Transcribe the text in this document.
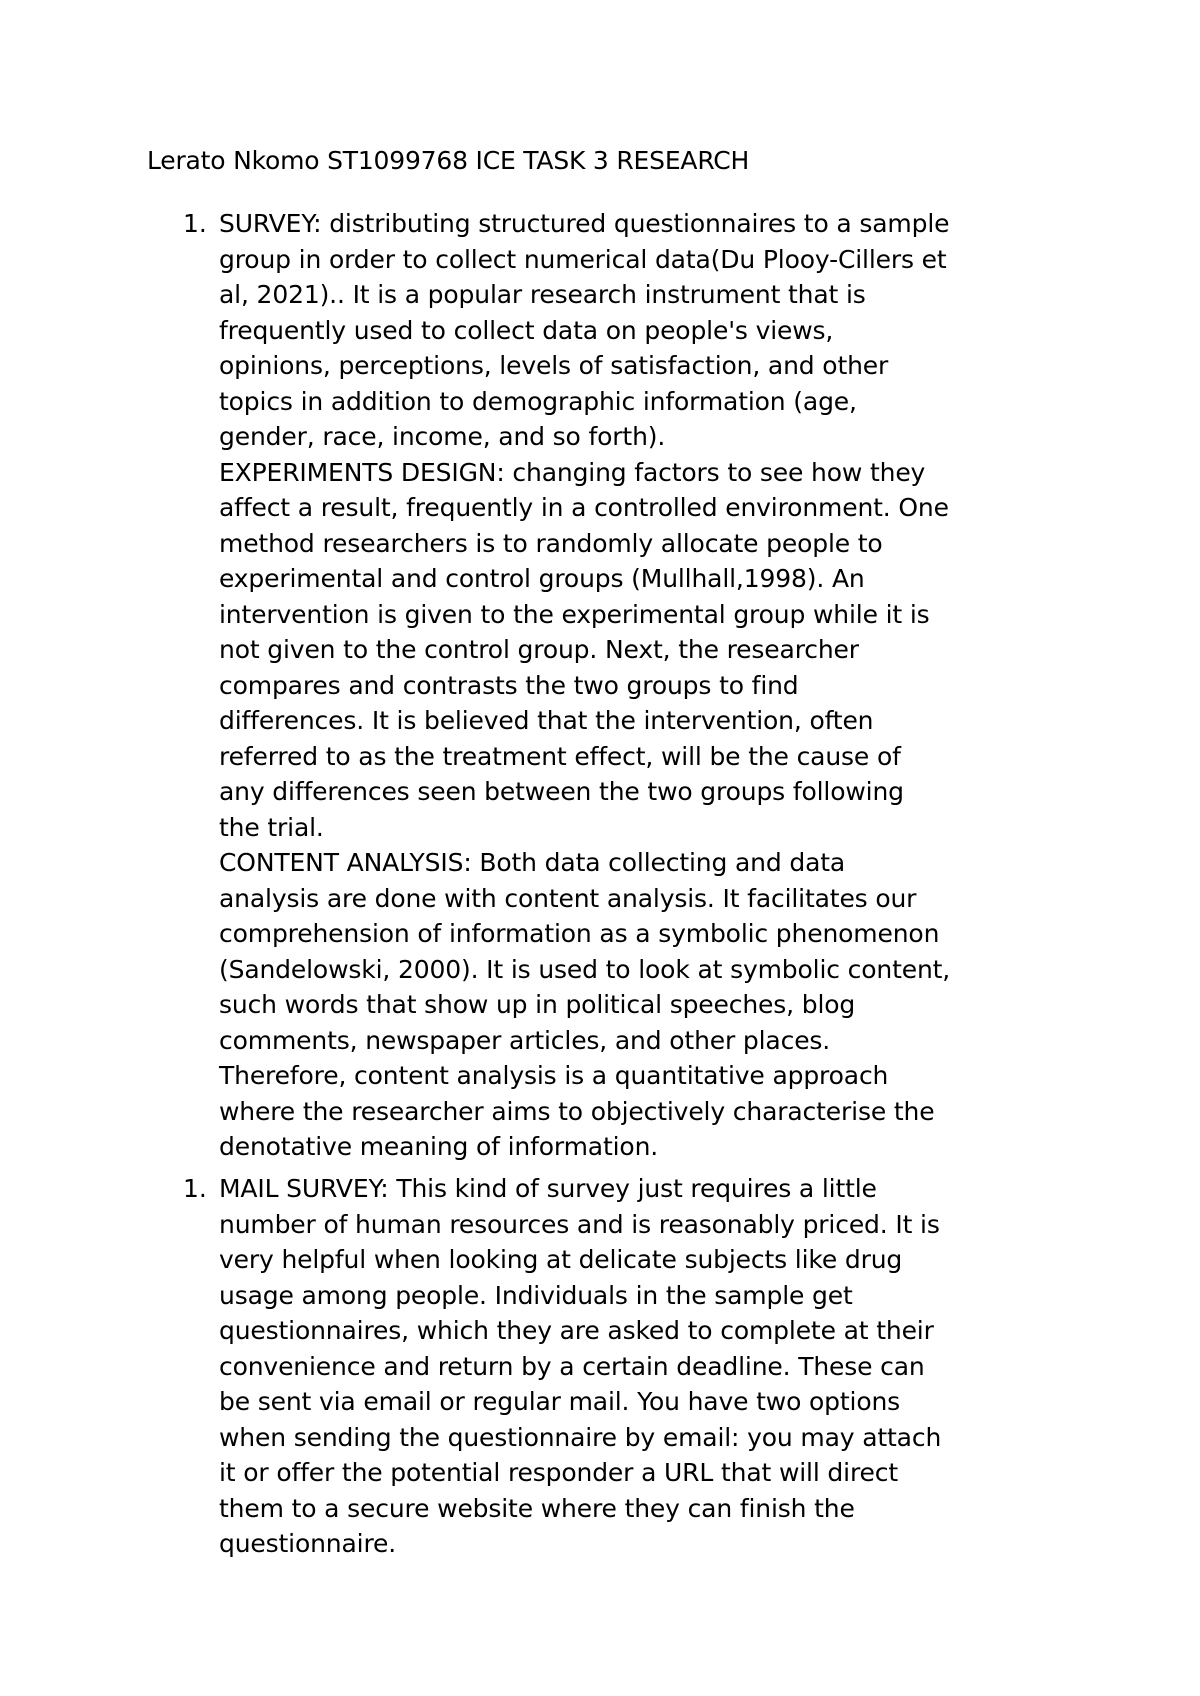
Lerato Nkomo ST1099768 ICE TASK 3 RESEARCH
1. SURVEY: distributing structured questionnaires to a sample
group in order to collect numerical data(Du Plooy-Cillers et
al, 2021).. It is a popular research instrument that is
frequently used to collect data on people's views,
opinions, perceptions, levels of satisfaction, and other
topics in addition to demographic information (age,
gender, race, income, and so forth).
EXPERIMENTS DESIGN: changing factors to see how they
affect a result, frequently in a controlled environment. One
method researchers is to randomly allocate people to
experimental and control groups (Mullhall,1998). An
intervention is given to the experimental group while it is
not given to the control group. Next, the researcher
compares and contrasts the two groups to find
differences. It is believed that the intervention, often
referred to as the treatment effect, will be the cause of
any differences seen between the two groups following
the trial.
CONTENT ANALYSIS: Both data collecting and data
analysis are done with content analysis. It facilitates our
comprehension of information as a symbolic phenomenon
(Sandelowski, 2000). It is used to look at symbolic content,
such words that show up in political speeches, blog
comments, newspaper articles, and other places.
Therefore, content analysis is a quantitative approach
where the researcher aims to objectively characterise the
denotative meaning of information.
1. MAIL SURVEY: This kind of survey just requires a little
number of human resources and is reasonably priced. It is
very helpful when looking at delicate subjects like drug
usage among people. Individuals in the sample get
questionnaires, which they are asked to complete at their
convenience and return by a certain deadline. These can
be sent via email or regular mail. You have two options
when sending the questionnaire by email: you may attach
it or offer the potential responder a URL that will direct
them to a secure website where they can finish the
questionnaire.
